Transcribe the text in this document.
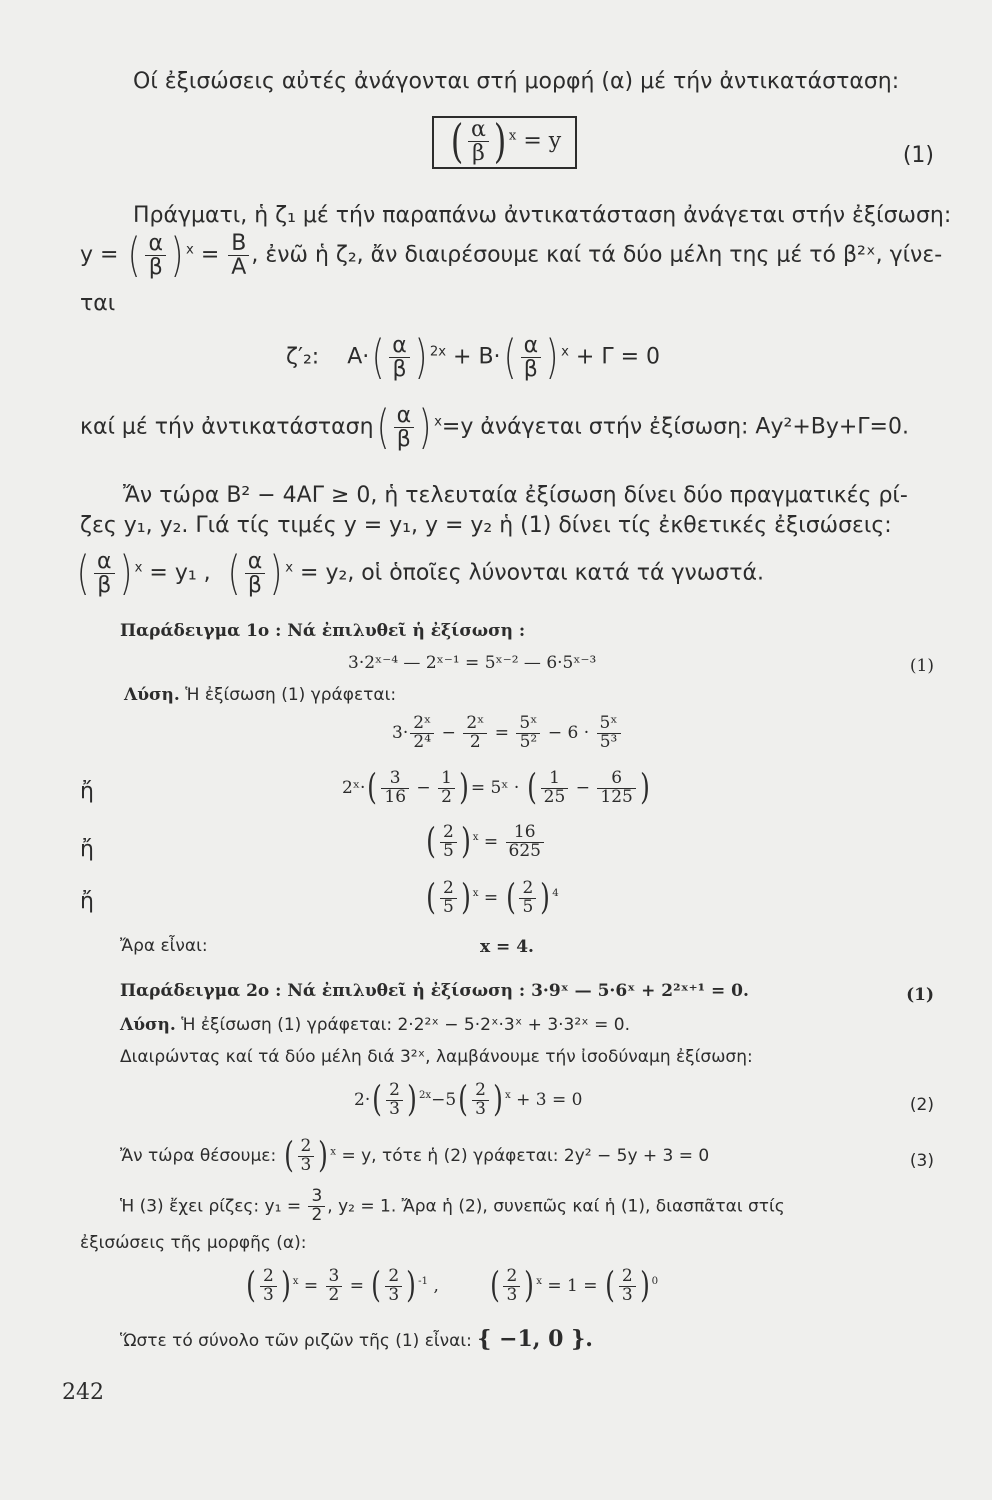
Οί ἐξισώσεις αὐτές ἀνάγονται στή μορφή (α) μέ τήν ἀντικατάσταση:
( $\frac{\alpha}{\beta}$ ) $^x$ = y
(1)
Πράγματι, ἡ ζ₁ μέ τήν παραπάνω ἀντικατάσταση ἀνάγεται στήν ἐξίσωση:
y = ( $\frac{\alpha}{\beta}$ ) $^x = \frac{B}{A}$ , ἐνῶ ἡ ζ₂, ἄν διαιρέσουμε καί τά δύο μέλη της μέ τό β²ˣ, γίνε-
ται
ζ′₂: $A\cdot( \frac{\alpha}{\beta}$ ) $^{2x} + B\cdot( \frac{\alpha}{\beta}$ ) $^x$ + Γ = 0
καί μέ τήν ἀντικατάσταση( $\frac{\alpha}{\beta}$ ) $^x$=y ἀνάγεται στήν ἐξίσωση: Αy²+Βy+Γ=0.
Ἄν τώρα Β² − 4ΑΓ ≥ 0, ἡ τελευταία ἐξίσωση δίνει δύο πραγματικές ρί-
ζες y₁, y₂. Γιά τίς τιμές y = y₁, y = y₂ ἡ (1) δίνει τίς ἐκθετικές ἐξισώσεις:
( $\frac{\alpha}{\beta}$ ) $^x$ = y₁ , ( $\frac{\alpha}{\beta}$ ) $^x$ = y₂, οἱ ὁποῖες λύνονται κατά τά γνωστά.
Παράδειγμα 1ο : Νά ἐπιλυθεῖ ἡ ἐξίσωση :
3·2ˣ⁻⁴ — 2ˣ⁻¹ = 5ˣ⁻² — 6·5ˣ⁻³	(1)
Λύση. Ἡ ἐξίσωση (1) γράφεται:
$3\cdot \frac{\text{2ˣ}}{\text{2⁴}} - \frac{\text{2ˣ}}{2} = \frac{\text{5ˣ}}{\text{5²}} - 6 \cdot \frac{\text{5ˣ}}{\text{5³}}$
ἤ	2ˣ·( $\frac{3}{16} - \frac{1}{2}$ ) = 5ˣ · ( $\frac{1}{25} - \frac{6}{125}$ )
ἤ	( $\frac{2}{5}$ ) $^x = \frac{16}{625}$
ἤ	( $\frac{2}{5}$ ) $^x$ = ( $\frac{2}{5}$ ) $^4$
Ἄρα εἶναι:	x = 4.
Παράδειγμα 2ο : Νά ἐπιλυθεῖ ἡ ἐξίσωση : 3·9ˣ — 5·6ˣ + 2²ˣ⁺¹ = 0.	(1)
Λύση. Ἡ ἐξίσωση (1) γράφεται: 2·2²ˣ − 5·2ˣ·3ˣ + 3·3²ˣ = 0.
Διαιρώντας καί τά δύο μέλη διά 3²ˣ, λαμβάνουμε τήν ἰσοδύναμη ἐξίσωση:
$2\cdot( \frac{2}{3}$ ) $^{2x}-5( \frac{2}{3}$ ) $^x$ + 3 = 0	(2)
Ἄν τώρα θέσουμε: ( $\frac{2}{3}$ ) $^x$ = y, τότε ἡ (2) γράφεται: 2y² − 5y + 3 = 0	(3)
Ἡ (3) ἔχει ρίζες: $y_1 = \frac{3}{2}$ , y₂ = 1. Ἄρα ἡ (2), συνεπῶς καί ἡ (1), διασπᾶται στίς
ἐξισώσεις τῆς μορφῆς (α):
( $\frac{2}{3}$ ) $^x = \frac{3}{2}$ = ( $\frac{2}{3}$ ) $^{-1}$ ,         ( $\frac{2}{3}$ ) $^x$ = 1 = ( $\frac{2}{3}$ ) $^0$
Ὥστε τό σύνολο τῶν ριζῶν τῆς (1) εἶναι: { −1, 0 }.
242
